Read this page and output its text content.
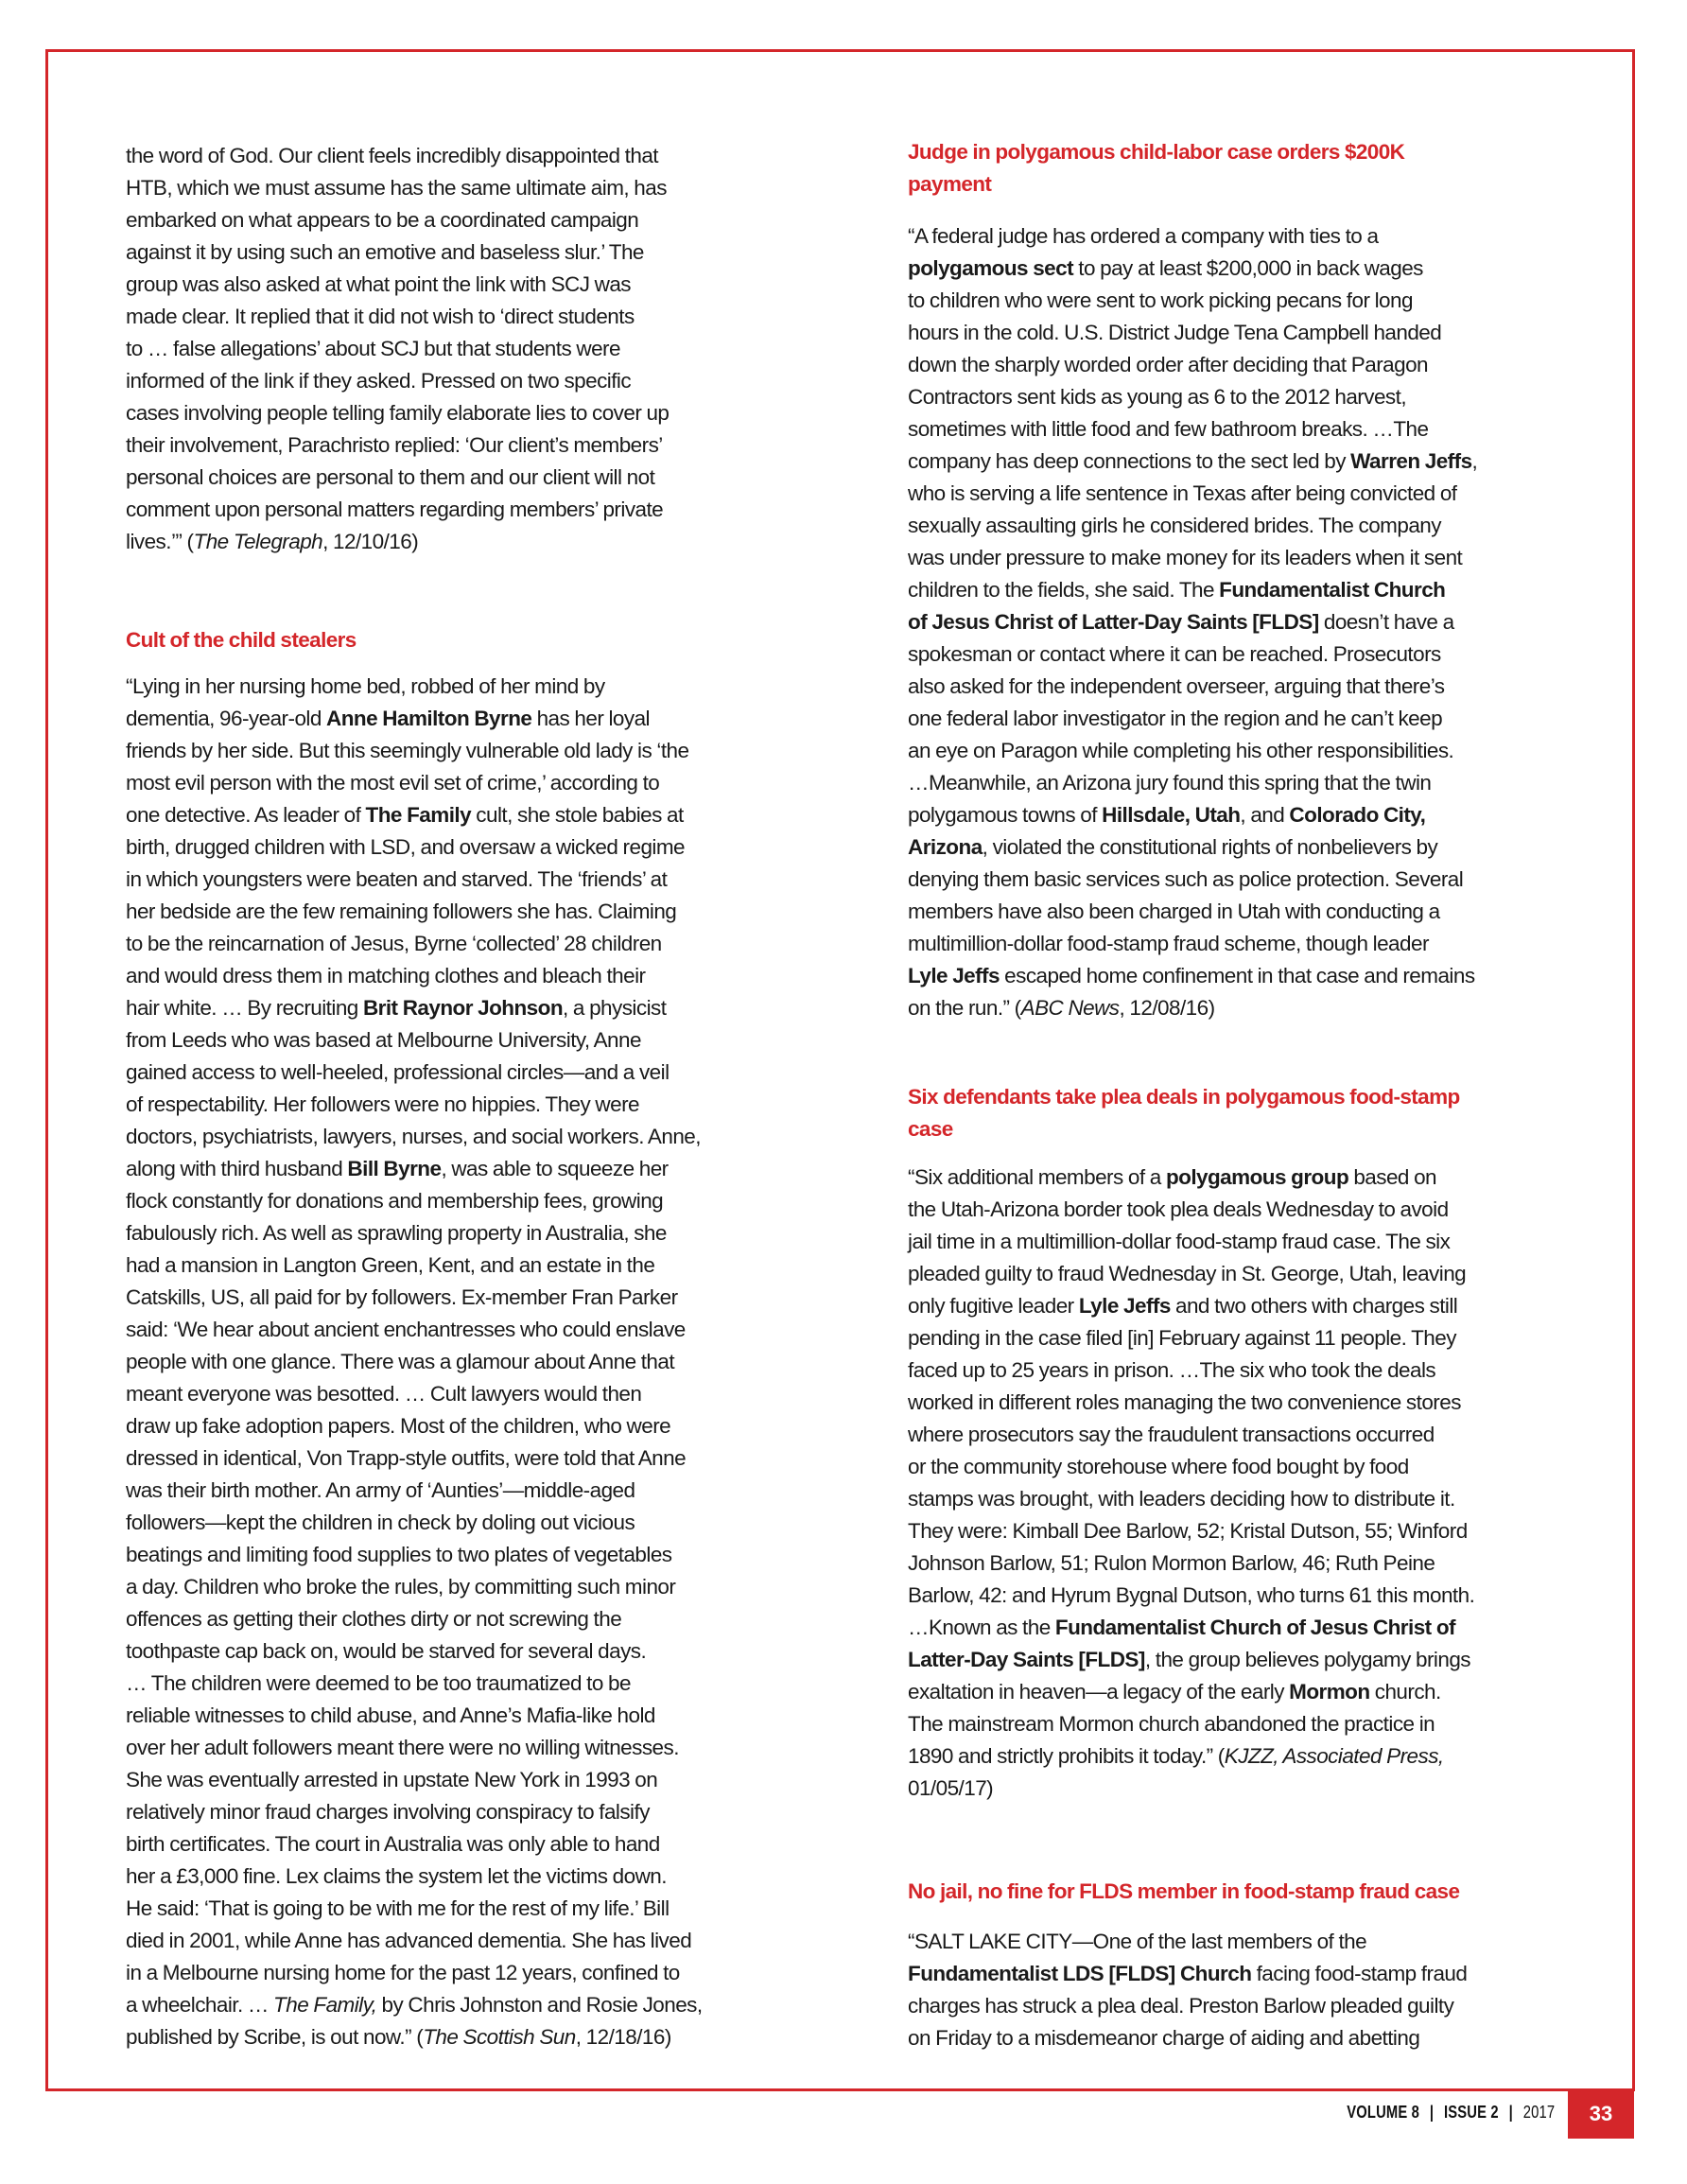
the word of God. Our client feels incredibly disappointed that
HTB, which we must assume has the same ultimate aim, has
embarked on what appears to be a coordinated campaign
against it by using such an emotive and baseless slur.’ The
group was also asked at what point the link with SCJ was
made clear. It replied that it did not wish to ‘direct students
to … false allegations’ about SCJ but that students were
informed of the link if they asked. Pressed on two specific
cases involving people telling family elaborate lies to cover up
their involvement, Parachristo replied: ‘Our client’s members’
personal choices are personal to them and our client will not
comment upon personal matters regarding members’ private
lives.’” (The Telegraph, 12/10/16)
Cult of the child stealers
“Lying in her nursing home bed, robbed of her mind by
dementia, 96-year-old Anne Hamilton Byrne has her loyal
friends by her side. But this seemingly vulnerable old lady is ‘the
most evil person with the most evil set of crime,’ according to
one detective. As leader of The Family cult, she stole babies at
birth, drugged children with LSD, and oversaw a wicked regime
in which youngsters were beaten and starved. The ‘friends’ at
her bedside are the few remaining followers she has. Claiming
to be the reincarnation of Jesus, Byrne ‘collected’ 28 children
and would dress them in matching clothes and bleach their
hair white. … By recruiting Brit Raynor Johnson, a physicist
from Leeds who was based at Melbourne University, Anne
gained access to well-heeled, professional circles—and a veil
of respectability. Her followers were no hippies. They were
doctors, psychiatrists, lawyers, nurses, and social workers. Anne,
along with third husband Bill Byrne, was able to squeeze her
flock constantly for donations and membership fees, growing
fabulously rich. As well as sprawling property in Australia, she
had a mansion in Langton Green, Kent, and an estate in the
Catskills, US, all paid for by followers. Ex-member Fran Parker
said: ‘We hear about ancient enchantresses who could enslave
people with one glance. There was a glamour about Anne that
meant everyone was besotted. … Cult lawyers would then
draw up fake adoption papers. Most of the children, who were
dressed in identical, Von Trapp-style outfits, were told that Anne
was their birth mother. An army of ‘Aunties’—middle-aged
followers—kept the children in check by doling out vicious
beatings and limiting food supplies to two plates of vegetables
a day. Children who broke the rules, by committing such minor
offences as getting their clothes dirty or not screwing the
toothpaste cap back on, would be starved for several days.
… The children were deemed to be too traumatized to be
reliable witnesses to child abuse, and Anne’s Mafia-like hold
over her adult followers meant there were no willing witnesses.
She was eventually arrested in upstate New York in 1993 on
relatively minor fraud charges involving conspiracy to falsify
birth certificates. The court in Australia was only able to hand
her a £3,000 fine. Lex claims the system let the victims down.
He said: ‘That is going to be with me for the rest of my life.’ Bill
died in 2001, while Anne has advanced dementia. She has lived
in a Melbourne nursing home for the past 12 years, confined to
a wheelchair. … The Family, by Chris Johnston and Rosie Jones,
published by Scribe, is out now.” (The Scottish Sun, 12/18/16)
Judge in polygamous child-labor case orders $200K
payment
“A federal judge has ordered a company with ties to a
polygamous sect to pay at least $200,000 in back wages
to children who were sent to work picking pecans for long
hours in the cold. U.S. District Judge Tena Campbell handed
down the sharply worded order after deciding that Paragon
Contractors sent kids as young as 6 to the 2012 harvest,
sometimes with little food and few bathroom breaks. …The
company has deep connections to the sect led by Warren Jeffs,
who is serving a life sentence in Texas after being convicted of
sexually assaulting girls he considered brides. The company
was under pressure to make money for its leaders when it sent
children to the fields, she said. The Fundamentalist Church
of Jesus Christ of Latter-Day Saints [FLDS] doesn’t have a
spokesman or contact where it can be reached. Prosecutors
also asked for the independent overseer, arguing that there’s
one federal labor investigator in the region and he can’t keep
an eye on Paragon while completing his other responsibilities.
…Meanwhile, an Arizona jury found this spring that the twin
polygamous towns of Hillsdale, Utah, and Colorado City,
Arizona, violated the constitutional rights of nonbelievers by
denying them basic services such as police protection. Several
members have also been charged in Utah with conducting a
multimillion-dollar food-stamp fraud scheme, though leader
Lyle Jeffs escaped home confinement in that case and remains
on the run.” (ABC News, 12/08/16)
Six defendants take plea deals in polygamous food-stamp
case
“Six additional members of a polygamous group based on
the Utah-Arizona border took plea deals Wednesday to avoid
jail time in a multimillion-dollar food-stamp fraud case. The six
pleaded guilty to fraud Wednesday in St. George, Utah, leaving
only fugitive leader Lyle Jeffs and two others with charges still
pending in the case filed [in] February against 11 people. They
faced up to 25 years in prison. …The six who took the deals
worked in different roles managing the two convenience stores
where prosecutors say the fraudulent transactions occurred
or the community storehouse where food bought by food
stamps was brought, with leaders deciding how to distribute it.
They were: Kimball Dee Barlow, 52; Kristal Dutson, 55; Winford
Johnson Barlow, 51; Rulon Mormon Barlow, 46; Ruth Peine
Barlow, 42: and Hyrum Bygnal Dutson, who turns 61 this month.
…Known as the Fundamentalist Church of Jesus Christ of
Latter-Day Saints [FLDS], the group believes polygamy brings
exaltation in heaven—a legacy of the early Mormon church.
The mainstream Mormon church abandoned the practice in
1890 and strictly prohibits it today.” (KJZZ, Associated Press,
01/05/17)
No jail, no fine for FLDS member in food-stamp fraud case
“SALT LAKE CITY—One of the last members of the
Fundamentalist LDS [FLDS] Church facing food-stamp fraud
charges has struck a plea deal. Preston Barlow pleaded guilty
on Friday to a misdemeanor charge of aiding and abetting
VOLUME 8 | ISSUE 2 | 2017	33
